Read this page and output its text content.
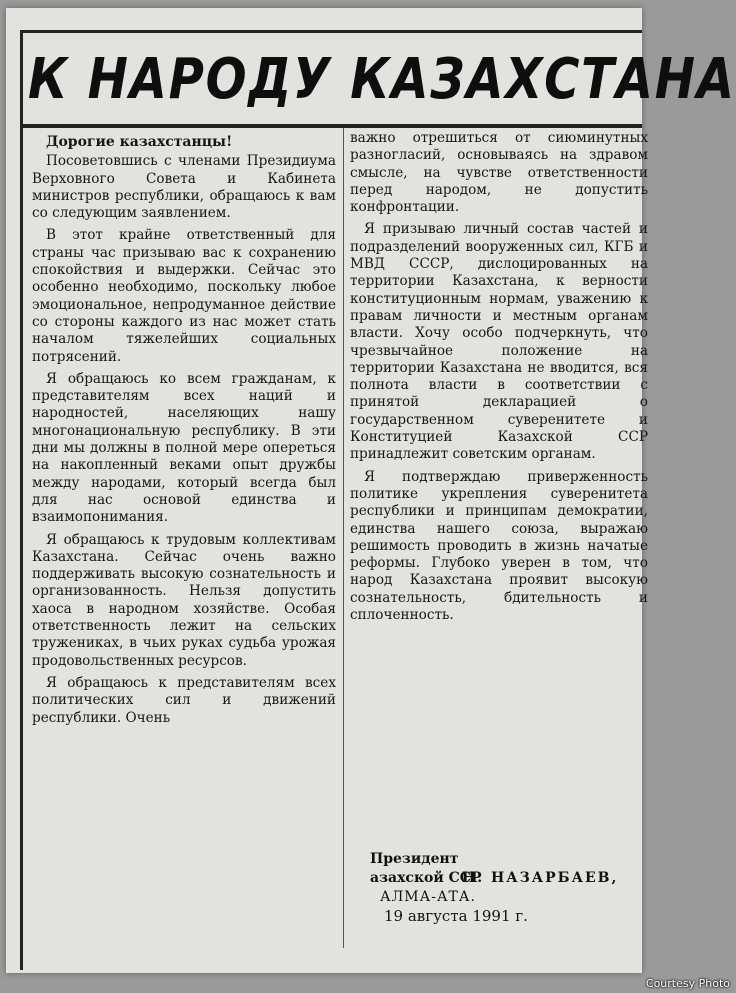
К НАРОДУ КАЗАХСТАНА
Дорогие казахстанцы!

Посоветовшись с членами Президиума Верховного Совета и Кабинета министров республики, обращаюсь к вам со следующим заявлением.

В этот крайне ответственный для страны час призываю вас к сохранению спокойствия и выдержки. Сейчас это особенно необходимо, поскольку любое эмоциональное, непродуманное действие со стороны каждого из нас может стать началом тяжелейших социальных потрясений.

Я обращаюсь ко всем гражданам, к представителям всех наций и народностей, населяющих нашу многонациональную республику. В эти дни мы должны в полной мере опереться на накопленный веками опыт дружбы между народами, который всегда был для нас основой единства и взаимопонимания.

Я обращаюсь к трудовым коллективам Казахстана. Сейчас очень важно поддерживать высокую сознательность и организованность. Нельзя допустить хаоса в народном хозяйстве. Особая ответственность лежит на сельских тружениках, в чьих руках судьба урожая продовольственных ресурсов.

Я обращаюсь к представителям всех политических сил и движений республики. Очень

важно отрешиться от сиюминутных разногласий, основываясь на здравом смысле, на чувстве ответственности перед народом, не допустить конфронтации.

Я призываю личный состав частей и подразделений вооруженных сил, КГБ и МВД СССР, дислоцированных на территории Казахстана, к верности конституционным нормам, уважению к правам личности и местным органам власти. Хочу особо подчеркнуть, что чрезвычайное положение на территории Казахстана не вводится, вся полнота власти в соответствии с принятой декларацией о государственном суверенитете и Конституцией Казахской ССР принадлежит советским органам.

Я подтверждаю приверженность политике укрепления суверенитета республики и принципам демократии, единства нашего союза, выражаю решимость проводить в жизнь начатые реформы. Глубоко уверен в том, что народ Казахстана проявит высокую сознательность, бдительность и сплоченность.

Президент
азахской ССР
Н. НАЗАРБАЕВ,
АЛМА-АТА.
19 августа 1991 г.
Courtesy Photo
